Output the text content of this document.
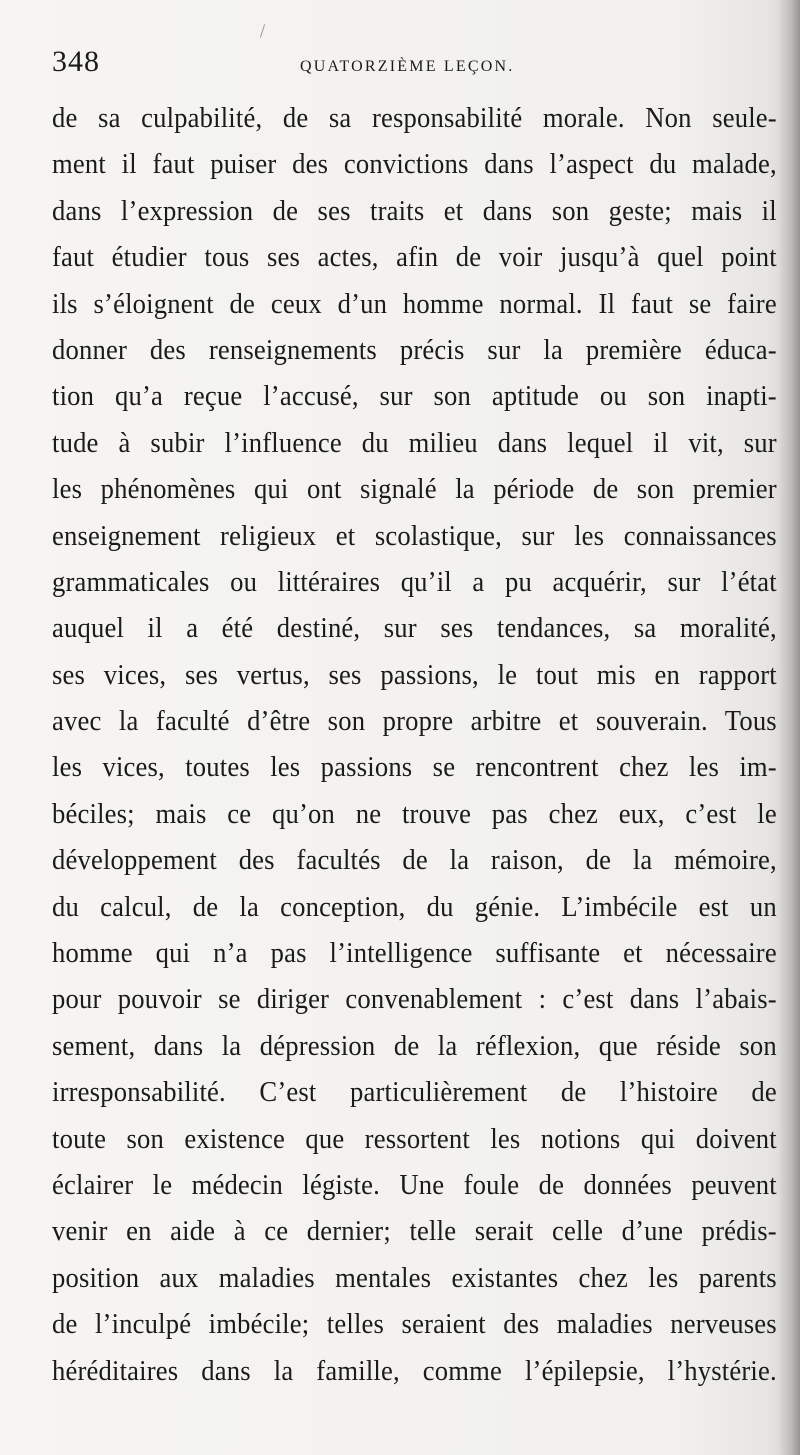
348	QUATORZIÈME LEÇON.
de sa culpabilité, de sa responsabilité morale. Non seule-
ment il faut puiser des convictions dans l’aspect du malade,
dans l’expression de ses traits et dans son geste; mais il
faut étudier tous ses actes, afin de voir jusqu’à quel point
ils s’éloignent de ceux d’un homme normal. Il faut se faire
donner des renseignements précis sur la première éduca-
tion qu’a reçue l’accusé, sur son aptitude ou son inapti-
tude à subir l’influence du milieu dans lequel il vit, sur
les phénomènes qui ont signalé la période de son premier
enseignement religieux et scolastique, sur les connaissances
grammaticales ou littéraires qu’il a pu acquérir, sur l’état
auquel il a été destiné, sur ses tendances, sa moralité,
ses vices, ses vertus, ses passions, le tout mis en rapport
avec la faculté d’être son propre arbitre et souverain. Tous
les vices, toutes les passions se rencontrent chez les im-
béciles; mais ce qu’on ne trouve pas chez eux, c’est le
développement des facultés de la raison, de la mémoire,
du calcul, de la conception, du génie. L’imbécile est un
homme qui n’a pas l’intelligence suffisante et nécessaire
pour pouvoir se diriger convenablement : c’est dans l’abais-
sement, dans la dépression de la réflexion, que réside son
irresponsabilité. C’est particulièrement de l’histoire de
toute son existence que ressortent les notions qui doivent
éclairer le médecin légiste. Une foule de données peuvent
venir en aide à ce dernier; telle serait celle d’une prédis-
position aux maladies mentales existantes chez les parents
de l’inculpé imbécile; telles seraient des maladies nerveuses
héréditaires dans la famille, comme l’épilepsie, l’hystérie.
